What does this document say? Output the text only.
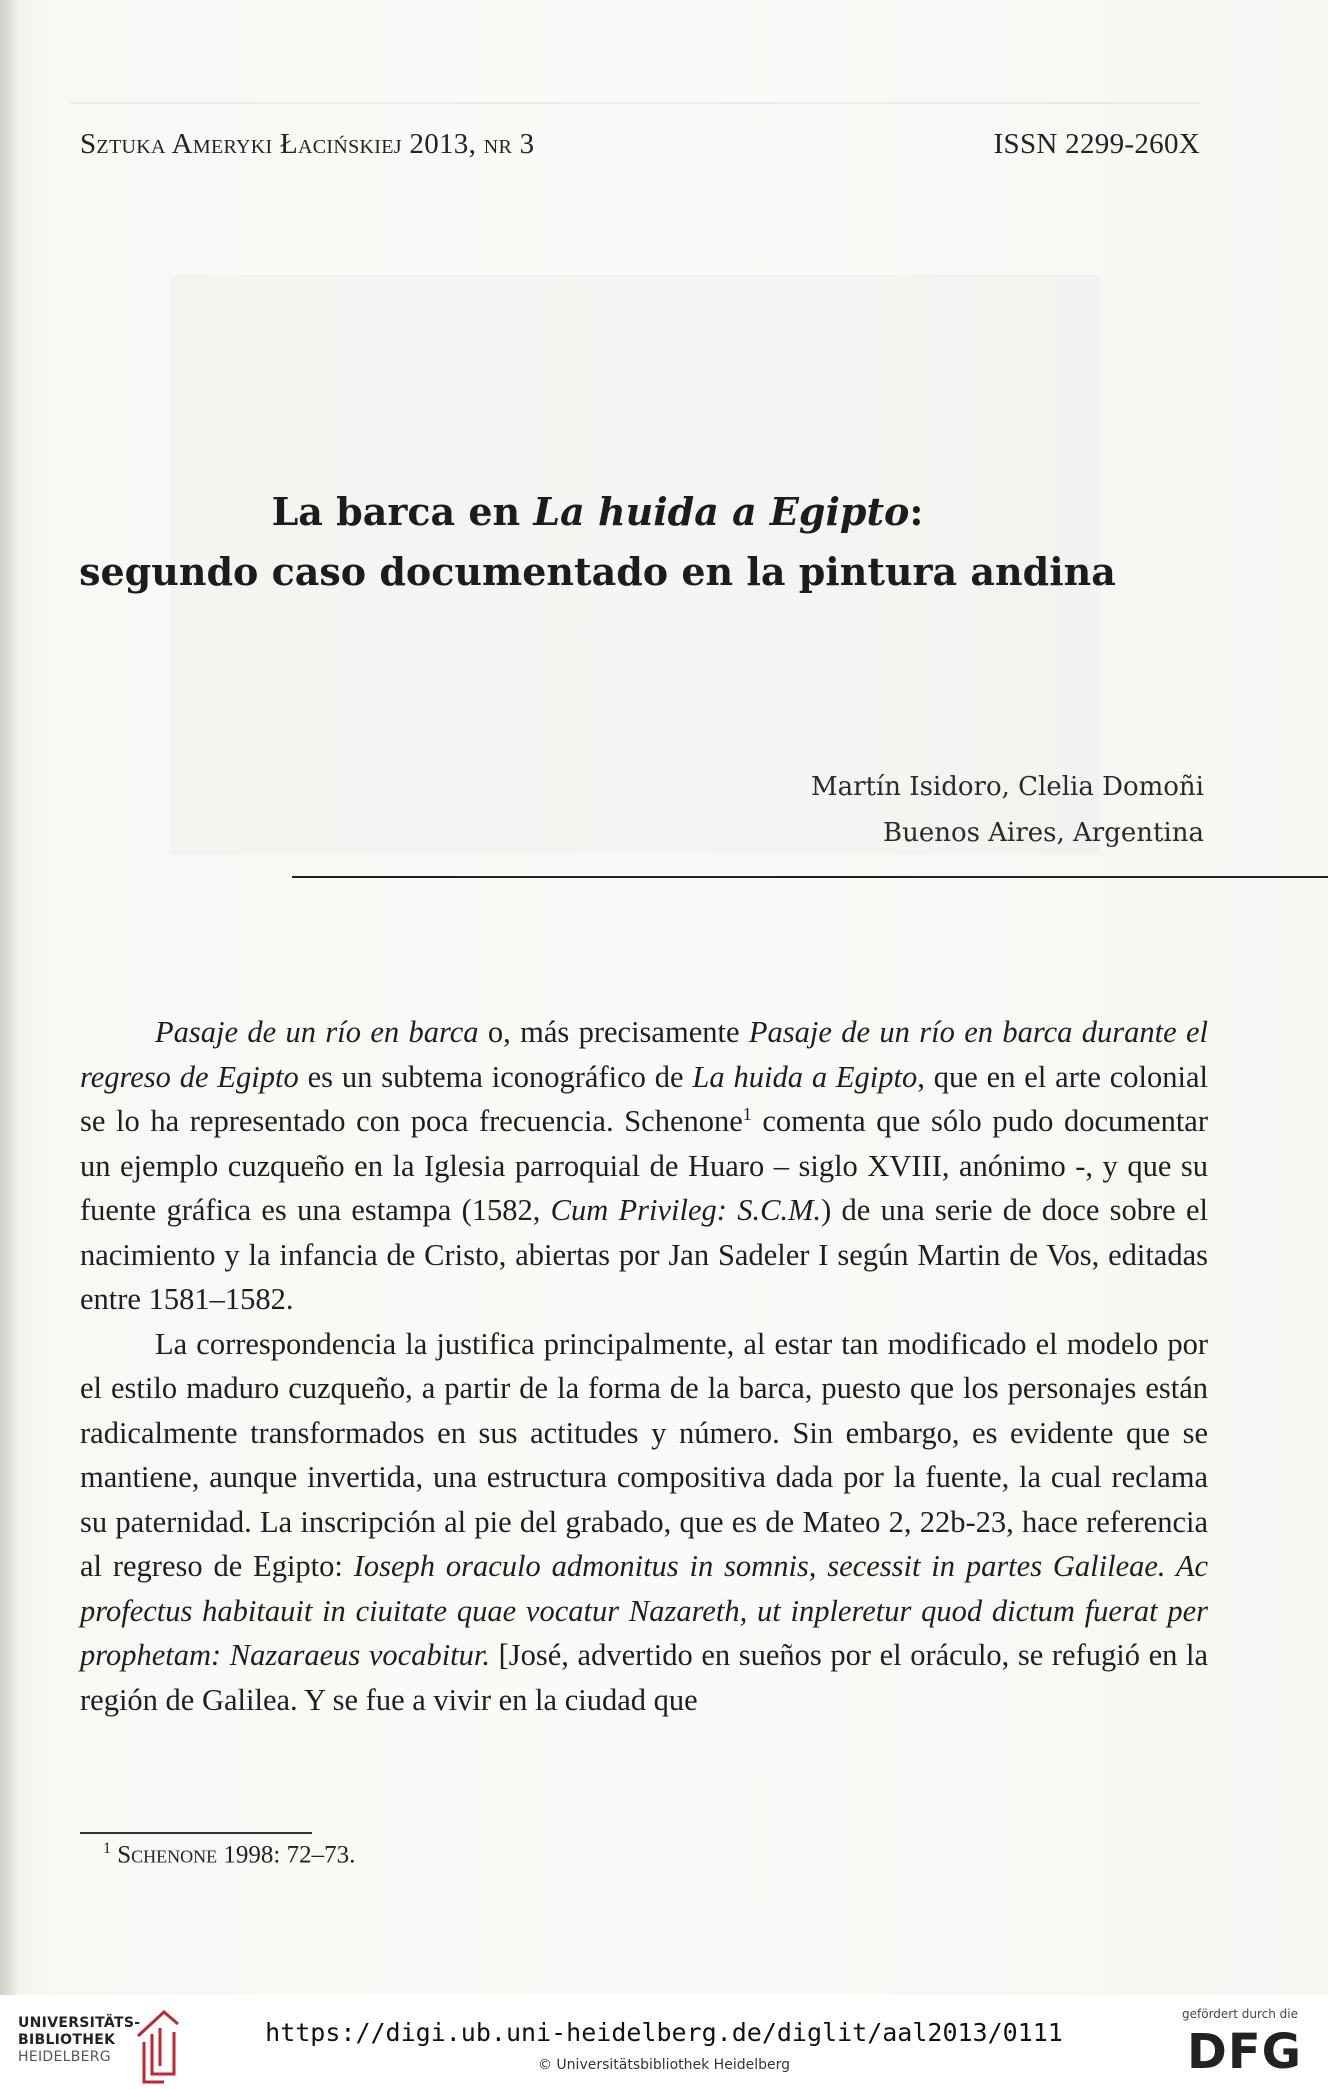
Sztuka Ameryki Łacińskiej 2013, nr 3	ISSN 2299-260X
La barca en La huida a Egipto:
segundo caso documentado en la pintura andina
Martín Isidoro, Clelia Domoñi
Buenos Aires, Argentina

Pasaje de un río en barca o, más precisamente Pasaje de un río en barca durante el regreso de Egipto es un subtema iconográfico de La huida a Egipto, que en el arte colonial se lo ha representado con poca frecuencia. Schenone$^1$ comenta que sólo pudo documentar un ejemplo cuzqueño en la Iglesia parroquial de Huaro – siglo XVIII, anónimo -, y que su fuente gráfica es una estampa (1582, Cum Privileg: S.C.M.) de una serie de doce sobre el nacimiento y la infancia de Cristo, abiertas por Jan Sadeler I según Martin de Vos, editadas entre 1581–1582.

La correspondencia la justifica principalmente, al estar tan modificado el modelo por el estilo maduro cuzqueño, a partir de la forma de la barca, puesto que los personajes están radicalmente transformados en sus actitudes y número. Sin embargo, es evidente que se mantiene, aunque invertida, una estructura compositiva dada por la fuente, la cual reclama su paternidad. La inscripción al pie del grabado, que es de Mateo 2, 22b-23, hace referencia al regreso de Egipto: Ioseph oraculo admonitus in somnis, secessit in partes Galileae. Ac profectus habitauit in ciuitate quae vocatur Nazareth, ut inpleretur quod dictum fuerat per prophetam: Nazaraeus vocabitur. [José, advertido en sueños por el oráculo, se refugió en la región de Galilea. Y se fue a vivir en la ciudad que

$^1$ Schenone 1998: 72–73.
UNIVERSITÄTS-
BIBLIOTHEK
HEIDELBERG
https://digi.ub.uni-heidelberg.de/diglit/aal2013/0111
© Universitätsbibliothek Heidelberg
gefördert durch die
DFG
